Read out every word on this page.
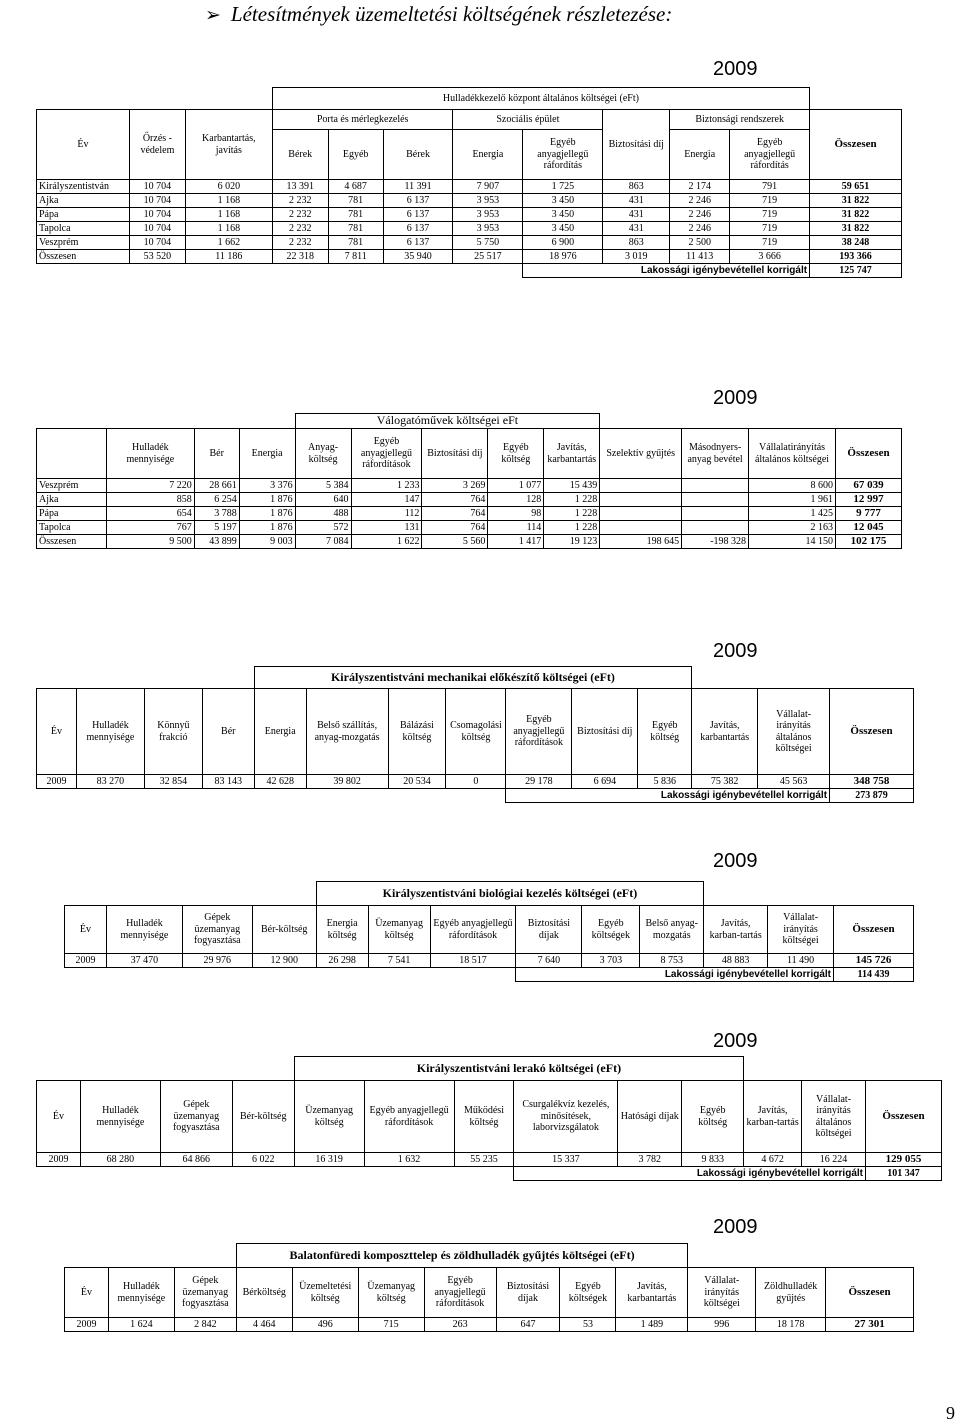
➢ Létesítmények üzemeltetési költségének részletezése:
2009
			Hulladékkezelő központ általános költségei (eFt)								
Év	Őrzés - védelem	Karbantartás, javítás	Porta és mérlegkezelés			Szociális épület		Biztosítási díj	Biztonsági rendszerek		Összesen
			Bérek	Egyéb	Bérek	Energia	Egyéb anyagjellegű ráfordítás		Energia	Egyéb anyagjellegű ráfordítás	
Királyszentistván	10 704	6 020	13 391	4 687	11 391	7 907	1 725	863	2 174	791	59 651
Ajka	10 704	1 168	2 232	781	6 137	3 953	3 450	431	2 246	719	31 822
Pápa	10 704	1 168	2 232	781	6 137	3 953	3 450	431	2 246	719	31 822
Tapolca	10 704	1 168	2 232	781	6 137	3 953	3 450	431	2 246	719	31 822
Veszprém	10 704	1 662	2 232	781	6 137	5 750	6 900	863	2 500	719	38 248
Összesen	53 520	11 186	22 318	7 811	35 940	25 517	18 976	3 019	11 413	3 666	193 366
							Lakossági igénybevétellel korrigált				125 747
2009
				Válogatóművek költségei eFt								
	Hulladék mennyisége	Bér	Energia	Anyag-költség	Egyéb anyagjellegű ráfordítások	Biztosítási díj	Egyéb költség	Javítás, karbantartás	Szelektív gyűjtés	Másodnyers-anyag bevétel	Vállalatirányítás általános költségei	Összesen
Veszprém	7 220	28 661	3 376	5 384	1 233	3 269	1 077	15 439			8 600	67 039
Ajka	858	6 254	1 876	640	147	764	128	1 228			1 961	12 997
Pápa	654	3 788	1 876	488	112	764	98	1 228			1 425	9 777
Tapolca	767	5 197	1 876	572	131	764	114	1 228			2 163	12 045
Összesen	9 500	43 899	9 003	7 084	1 622	5 560	1 417	19 123	198 645	-198 328	14 150	102 175
2009
				Királyszentistváni mechanikai előkészítő költségei (eFt)									
Év	Hulladék mennyisége	Könnyű frakció	Bér	Energia	Belső szállítás, anyag-mozgatás	Bálázási költség	Csomagolási költség	Egyéb anyagjellegű ráfordítások	Biztosítási díj	Egyéb költség	Javítás, karbantartás	Vállalat-irányítás általános költségei	Összesen
2009	83 270	32 854	83 143	42 628	39 802	20 534	0	29 178	6 694	5 836	75 382	45 563	348 758
								Lakossági igénybevétellel korrigált					273 879
2009
				Királyszentistváni biológiai kezelés költségei (eFt)								
Év	Hulladék mennyisége	Gépek üzemanyag fogyasztása	Bér-költség	Energia költség	Üzemanyag költség	Egyéb anyagjellegű ráfordítások	Biztosítási díjak	Egyéb költségek	Belső anyag-mozgatás	Javítás, karban-tartás	Vállalat-irányítás költségei	Összesen
2009	37 470	29 976	12 900	26 298	7 541	18 517	7 640	3 703	8 753	48 883	11 490	145 726
							Lakossági igénybevétellel korrigált					114 439
2009
				Királyszentistváni lerakó költségei (eFt)								
Év	Hulladék mennyisége	Gépek üzemanyag fogyasztása	Bér-költség	Üzemanyag költség	Egyéb anyagjellegű ráfordítások	Működési költség	Csurgalékvíz kezelés, minősítések, laborvizsgálatok	Hatósági díjak	Egyéb költség	Javítás, karban-tartás	Vállalat-irányítás általános költségei	Összesen
2009	68 280	64 866	6 022	16 319	1 632	55 235	15 337	3 782	9 833	4 672	16 224	129 055
							Lakossági igénybevétellel korrigált					101 347
2009
			Balatonfüredi komposzttelep és zöldhulladék gyűjtés költségei (eFt)									
Év	Hulladék mennyisége	Gépek üzemanyag fogyasztása	Bérköltség	Üzemeltetési költség	Üzemanyag költség	Egyéb anyagjellegű ráfordítások	Biztosítási díjak	Egyéb költségek	Javítás, karbantartás	Vállalat-irányítás költségei	Zöldhulladék gyűjtés	Összesen
2009	1 624	2 842	4 464	496	715	263	647	53	1 489	996	18 178	27 301
9
